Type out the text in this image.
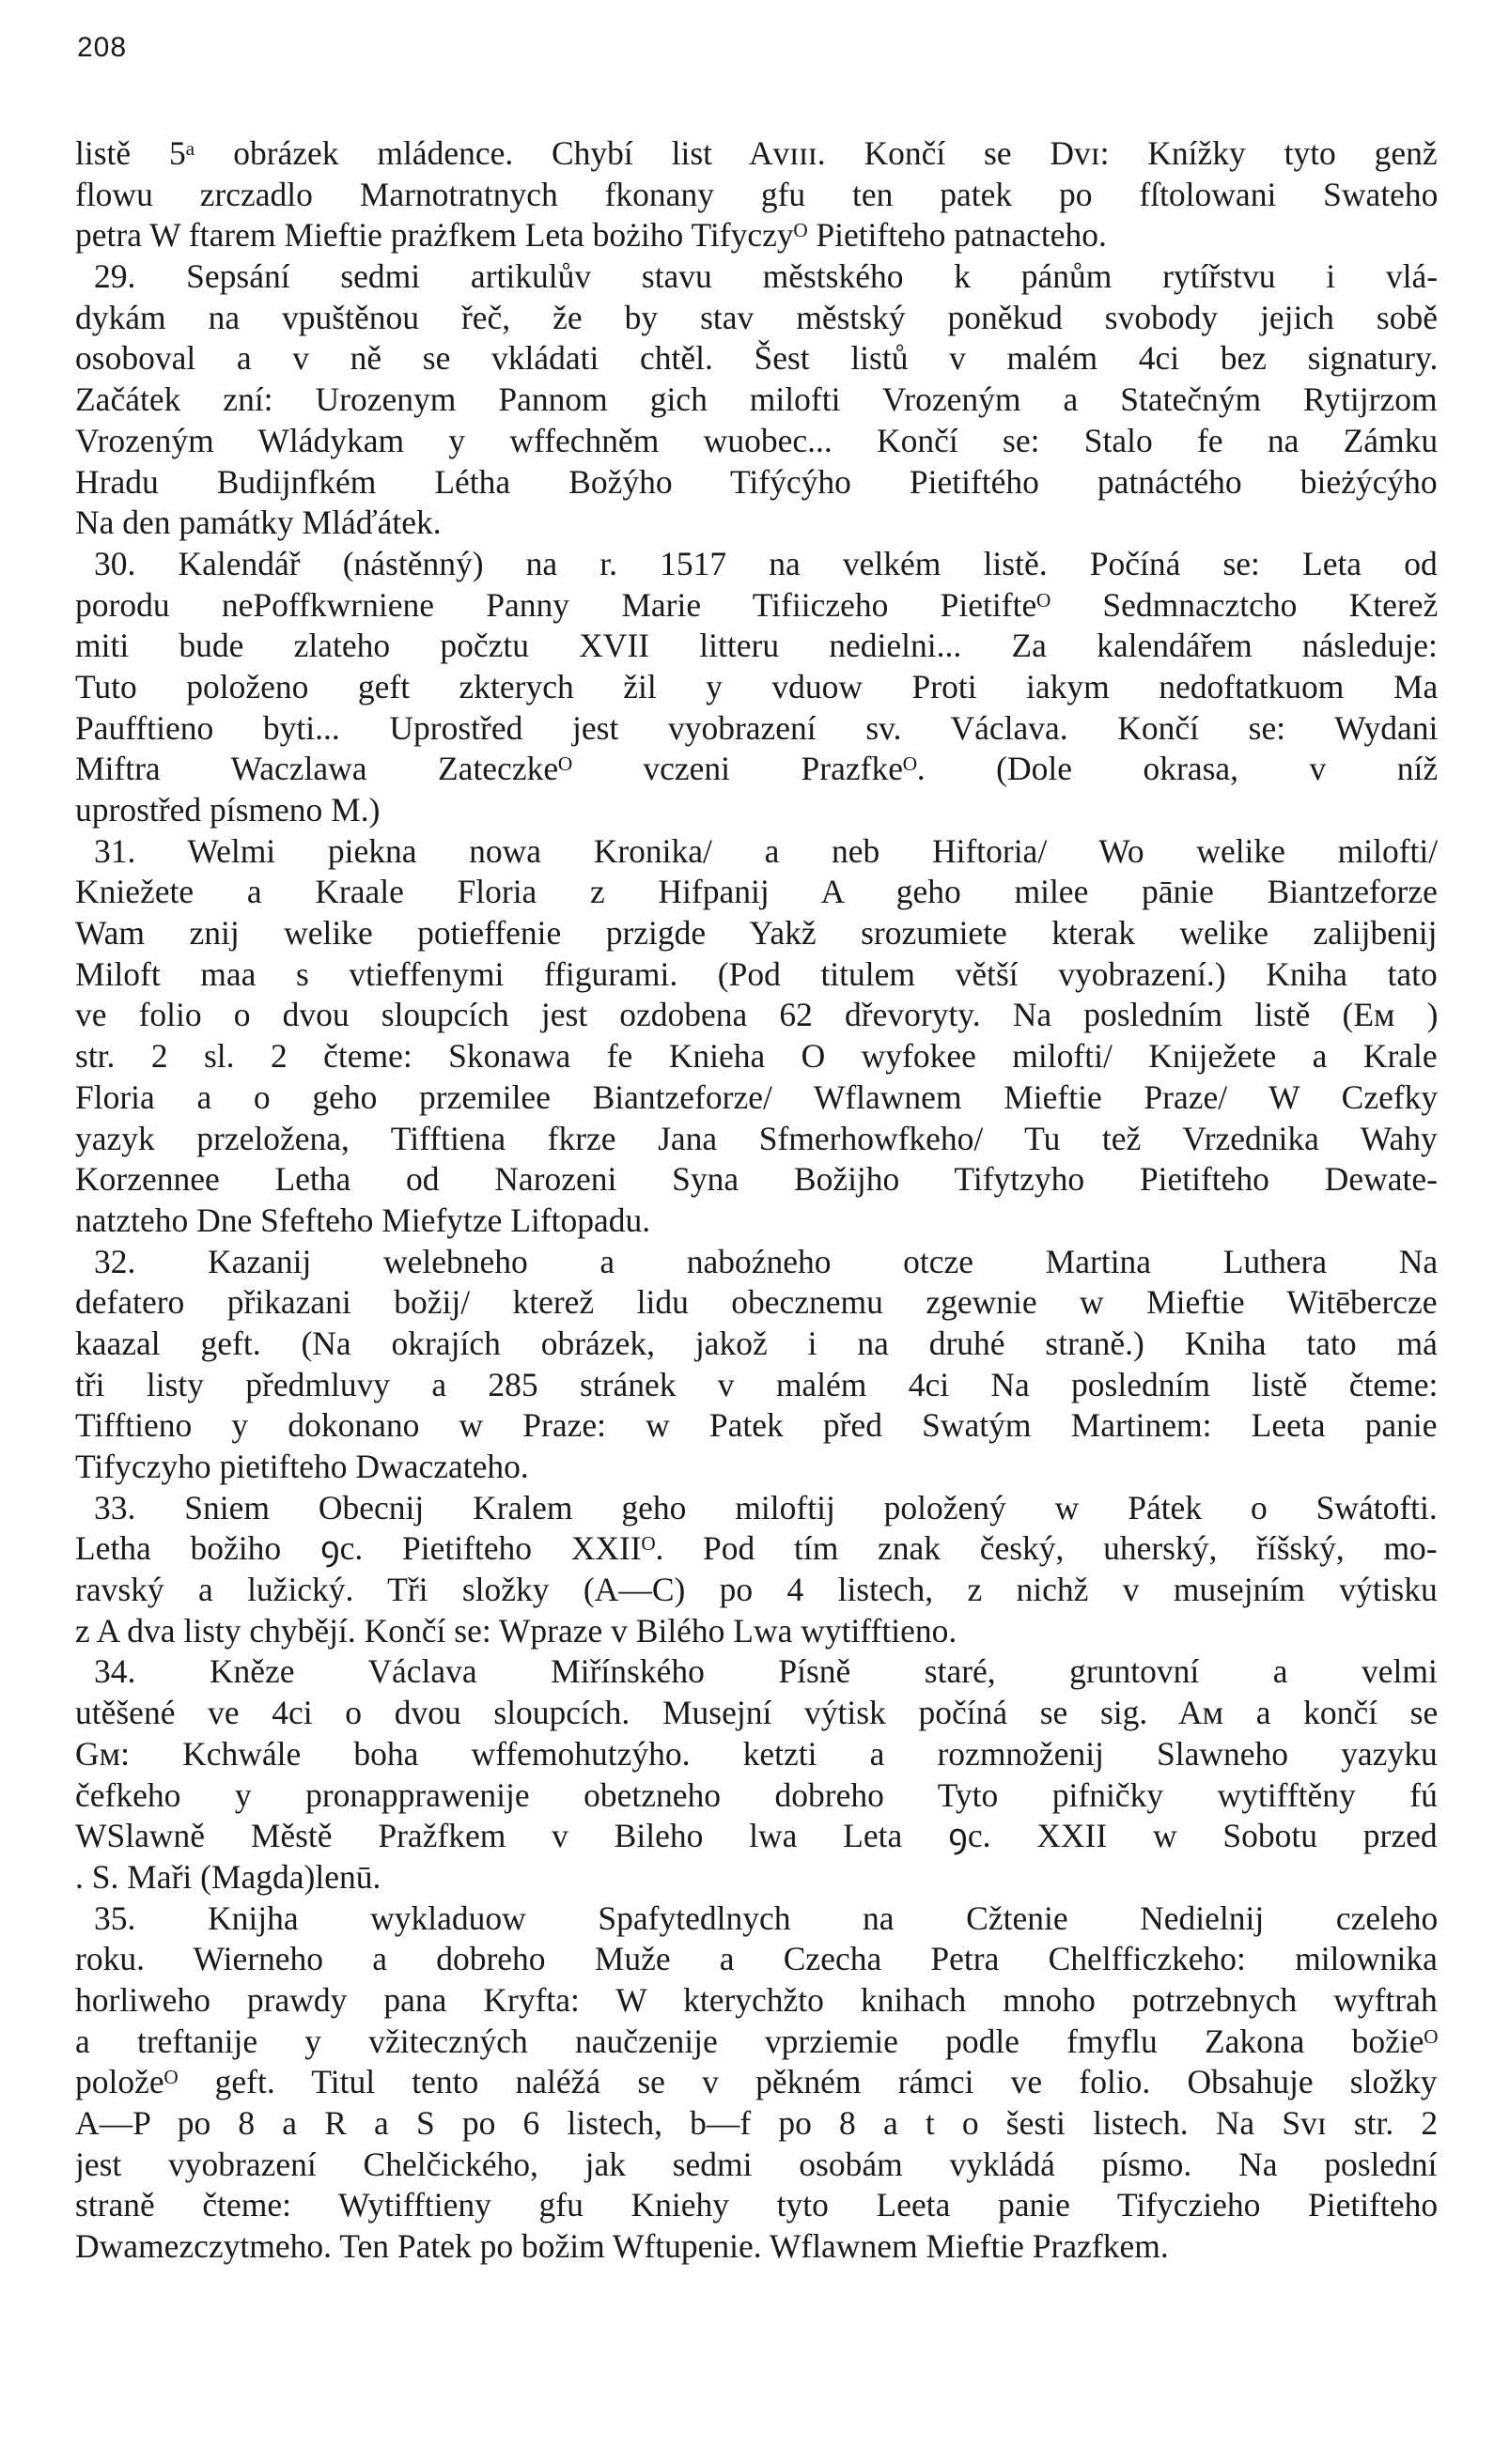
208
listě 5ᵃ obrázek mládence. Chybí list Aᴠɪɪɪ. Končí se Dᴠɪ: Knížky tyto genž
flowu zrczadlo Marnotratnych fkonany gfu ten patek po fſtolowani Swateho
petra W ftarem Mieftie prażfkem Leta bożiho Tifyczyᴼ Pietifteho patnacteho.
29. Sepsání sedmi artikulův stavu městského k pánům rytířstvu i vlá-
dykám na vpuštěnou řeč, že by stav městský poněkud svobody jejich sobě
osoboval a v ně se vkládati chtěl. Šest listů v malém 4ci bez signatury.
Začátek zní: Urozenym Pannom gich milofti Vrozeným a Statečným Rytijrzom
Vrozeným Wládykam y wffechněm wuobec... Končí se: Stalo fe na Zámku
Hradu Budijnfkém Létha Božýho Tifýcýho Pietiftého patnáctého bieżýcýho
Na den památky Mláďátek.
30. Kalendář (nástěnný) na r. 1517 na velkém listě. Počíná se: Leta od
porodu nePoffkwrniene Panny Marie Tifiiczeho Pietifteᴼ Sedmnacztcho Kterež
miti bude zlateho počztu XVII litteru nedielni... Za kalendářem následuje:
Tuto položeno geft zkterych žil y vduow Proti iakym nedoftatkuom Ma
Paufftieno byti... Uprostřed jest vyobrazení sv. Václava. Končí se: Wydani
Miftra Waczlawa Zateczkeᴼ vczeni Prazfkeᴼ. (Dole okrasa, v níž
uprostřed písmeno M.)
31. Welmi piekna nowa Kronika/ a neb Hiftoria/ Wo welike milofti/
Kniežete a Kraale Floria z Hifpanij A geho milee pānie Biantzeforze
Wam znij welike potieffenie przigde Yakž srozumiete kterak welike zalijbenij
Miloft maa s vtieffenymi ffigurami. (Pod titulem větší vyobrazení.) Kniha tato
ve folio o dvou sloupcích jest ozdobena 62 dřevoryty. Na posledním listě (Eᴍ )
str. 2 sl. 2 čteme: Skonawa fe Knieha O wyfokee milofti/ Kniježete a Krale
Floria a o geho przemilee Biantzeforze/ Wflawnem Mieftie Praze/ W Czefky
yazyk przeložena, Tifftiena fkrze Jana Sfmerhowfkeho/ Tu tež Vrzednika Wahy
Korzennee Letha od Narozeni Syna Božijho Tifytzyho Pietifteho Dewate-
natzteho Dne Sfefteho Miefytze Liftopadu.
32. Kazanij welebneho a naboźneho otcze Martina Luthera Na
defatero přikazani božij/ kterež lidu obecznemu zgewnie w Mieftie Witēbercze
kaazal geft. (Na okrajích obrázek, jakož i na druhé straně.) Kniha tato má
tři listy předmluvy a 285 stránek v malém 4ci Na posledním listě čteme:
Tifftieno y dokonano w Praze: w Patek před Swatým Martinem: Leeta panie
Tifyczyho pietifteho Dwaczateho.
33. Sniem Obecnij Kralem geho miloftij položený w Pátek o Swátofti.
Letha božiho ꝯc. Pietifteho XXIIᴼ. Pod tím znak český, uherský, říšský, mo-
ravský a lužický. Tři složky (A—C) po 4 listech, z nichž v musejním výtisku
z A dva listy chybějí. Končí se: Wpraze v Bilého Lwa wytifftieno.
34. Kněze Václava Miřínského Písně staré, gruntovní a velmi
utěšené ve 4ci o dvou sloupcích. Musejní výtisk počíná se sig. Aᴍ a končí se
Gᴍ: Kchwále boha wffemohutzýho. ketzti a rozmnoženij Slawneho yazyku
čefkeho y pronapprawenije obetzneho dobreho Tyto pifničky wytifftěny fú
WSlawně Městě Pražfkem v Bileho lwa Leta ꝯc. XXII w Sobotu przed
. S. Maři (Magda)lenū.
35. Knijha wykladuow Spafytedlnych na Cžtenie Nedielnij czeleho
roku. Wierneho a dobreho Muže a Czecha Petra Chelfficzkeho: milownika
horliweho prawdy pana Kryfta: W kterychžto knihach mnoho potrzebnych wyftrah
a treftanije y vžiteczných naučzenije vprziemie podle fmyflu Zakona božieᴼ
položeᴼ geft. Titul tento naléžá se v pěkném rámci ve folio. Obsahuje složky
A—P po 8 a R a S po 6 listech, b—f po 8 a t o šesti listech. Na Sᴠɪ str. 2
jest vyobrazení Chelčického, jak sedmi osobám vykládá písmo. Na poslední
straně čteme: Wytifftieny gfu Kniehy tyto Leeta panie Tifyczieho Pietifteho
Dwamezczytmeho. Ten Patek po božim Wftupenie. Wflawnem Mieftie Prazfkem.
